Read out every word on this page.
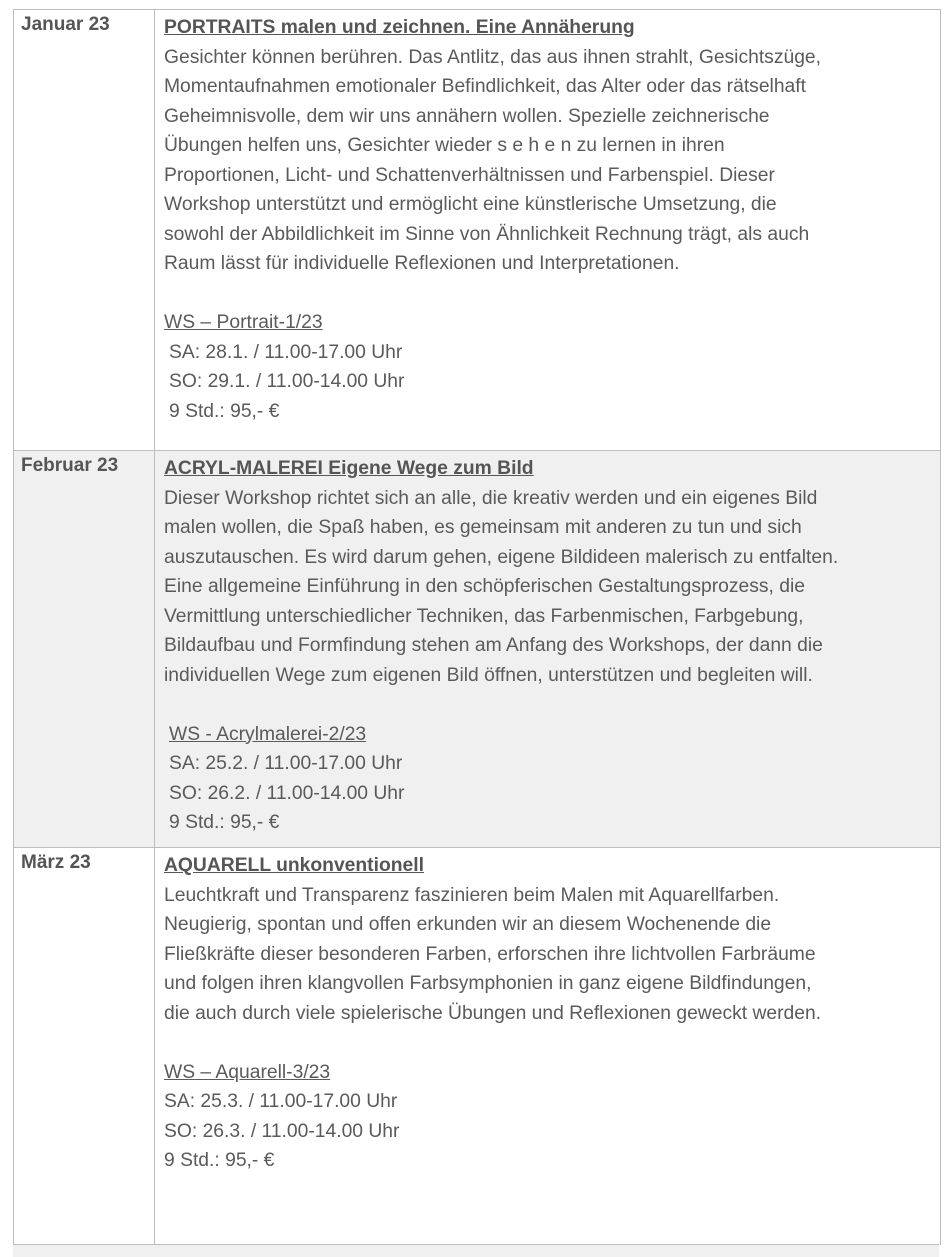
Januar 23	PORTRAITS malen und zeichnen. Eine Annäherung
Gesichter können berühren. Das Antlitz, das aus ihnen strahlt, Gesichtszüge,
Momentaufnahmen emotionaler Befindlichkeit, das Alter oder das rätselhaft
Geheimnisvolle, dem wir uns annähern wollen. Spezielle zeichnerische
Übungen helfen uns, Gesichter wieder s e h e n zu lernen in ihren
Proportionen, Licht- und Schattenverhältnissen und Farbenspiel. Dieser
Workshop unterstützt und ermöglicht eine künstlerische Umsetzung, die
sowohl der Abbildlichkeit im Sinne von Ähnlichkeit Rechnung trägt, als auch
Raum lässt für individuelle Reflexionen und Interpretationen.
WS – Portrait-1/23
SA: 28.1. / 11.00-17.00 Uhr
SO: 29.1. / 11.00-14.00 Uhr
9 Std.: 95,- €
Februar 23 ACRYL-MALEREI Eigene Wege zum Bild
Dieser Workshop richtet sich an alle, die kreativ werden und ein eigenes Bild
malen wollen, die Spaß haben, es gemeinsam mit anderen zu tun und sich
auszutauschen. Es wird darum gehen, eigene Bildideen malerisch zu entfalten.
Eine allgemeine Einführung in den schöpferischen Gestaltungsprozess, die
Vermittlung unterschiedlicher Techniken, das Farbenmischen, Farbgebung,
Bildaufbau und Formfindung stehen am Anfang des Workshops, der dann die
individuellen Wege zum eigenen Bild öffnen, unterstützen und begleiten will.
WS - Acrylmalerei-2/23
SA: 25.2. / 11.00-17.00 Uhr
SO: 26.2. / 11.00-14.00 Uhr
9 Std.: 95,- €
März 23	AQUARELL unkonventionell
Leuchtkraft und Transparenz faszinieren beim Malen mit Aquarellfarben.
Neugierig, spontan und offen erkunden wir an diesem Wochenende die
Fließkräfte dieser besonderen Farben, erforschen ihre lichtvollen Farbräume
und folgen ihren klangvollen Farbsymphonien in ganz eigene Bildfindungen,
die auch durch viele spielerische Übungen und Reflexionen geweckt werden.
WS – Aquarell-3/23
SA: 25.3. / 11.00-17.00 Uhr
SO: 26.3. / 11.00-14.00 Uhr
9 Std.: 95,- €
